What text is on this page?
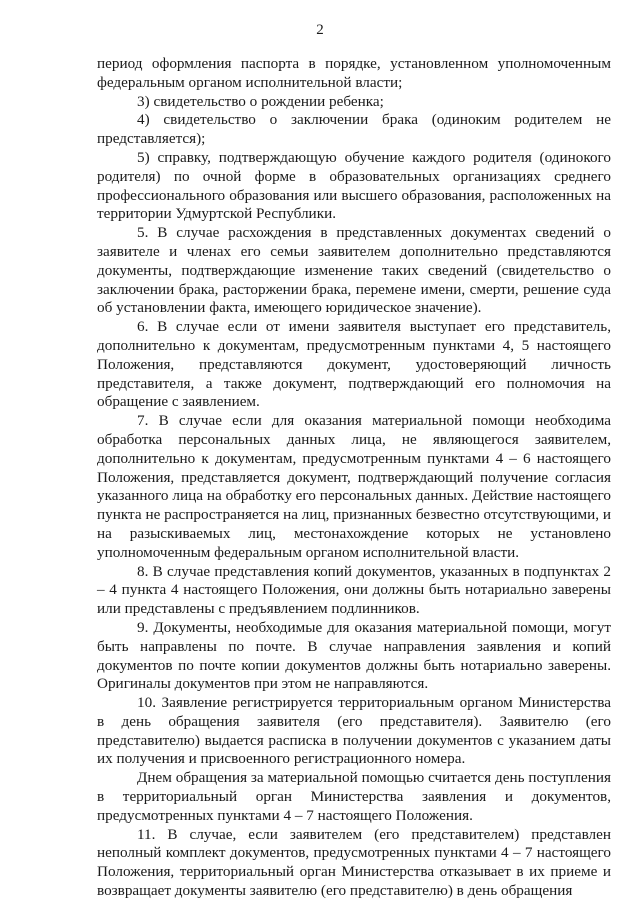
2

период оформления паспорта в порядке, установленном уполномоченным федеральным органом исполнительной власти;

3) свидетельство о рождении ребенка;

4) свидетельство о заключении брака (одиноким родителем не представляется);

5) справку, подтверждающую обучение каждого родителя (одинокого родителя) по очной форме в образовательных организациях среднего профессионального образования или высшего образования, расположенных на территории Удмуртской Республики.

5. В случае расхождения в представленных документах сведений о заявителе и членах его семьи заявителем дополнительно представляются документы, подтверждающие изменение таких сведений (свидетельство о заключении брака, расторжении брака, перемене имени, смерти, решение суда об установлении факта, имеющего юридическое значение).

6. В случае если от имени заявителя выступает его представитель, дополнительно к документам, предусмотренным пунктами 4, 5 настоящего Положения, представляются документ, удостоверяющий личность представителя, а также документ, подтверждающий его полномочия на обращение с заявлением.

7. В случае если для оказания материальной помощи необходима обработка персональных данных лица, не являющегося заявителем, дополнительно к документам, предусмотренным пунктами 4 – 6 настоящего Положения, представляется документ, подтверждающий получение согласия указанного лица на обработку его персональных данных. Действие настоящего пункта не распространяется на лиц, признанных безвестно отсутствующими, и на разыскиваемых лиц, местонахождение которых не установлено уполномоченным федеральным органом исполнительной власти.

8. В случае представления копий документов, указанных в подпунктах 2 – 4 пункта 4 настоящего Положения, они должны быть нотариально заверены или представлены с предъявлением подлинников.

9. Документы, необходимые для оказания материальной помощи, могут быть направлены по почте. В случае направления заявления и копий документов по почте копии документов должны быть нотариально заверены. Оригиналы документов при этом не направляются.

10. Заявление регистрируется территориальным органом Министерства в день обращения заявителя (его представителя). Заявителю (его представителю) выдается расписка в получении документов с указанием даты их получения и присвоенного регистрационного номера.

Днем обращения за материальной помощью считается день поступления в территориальный орган Министерства заявления и документов, предусмотренных пунктами 4 – 7 настоящего Положения.

11. В случае, если заявителем (его представителем) представлен неполный комплект документов, предусмотренных пунктами 4 – 7 настоящего Положения, территориальный орган Министерства отказывает в их приеме и возвращает документы заявителю (его представителю) в день обращения
